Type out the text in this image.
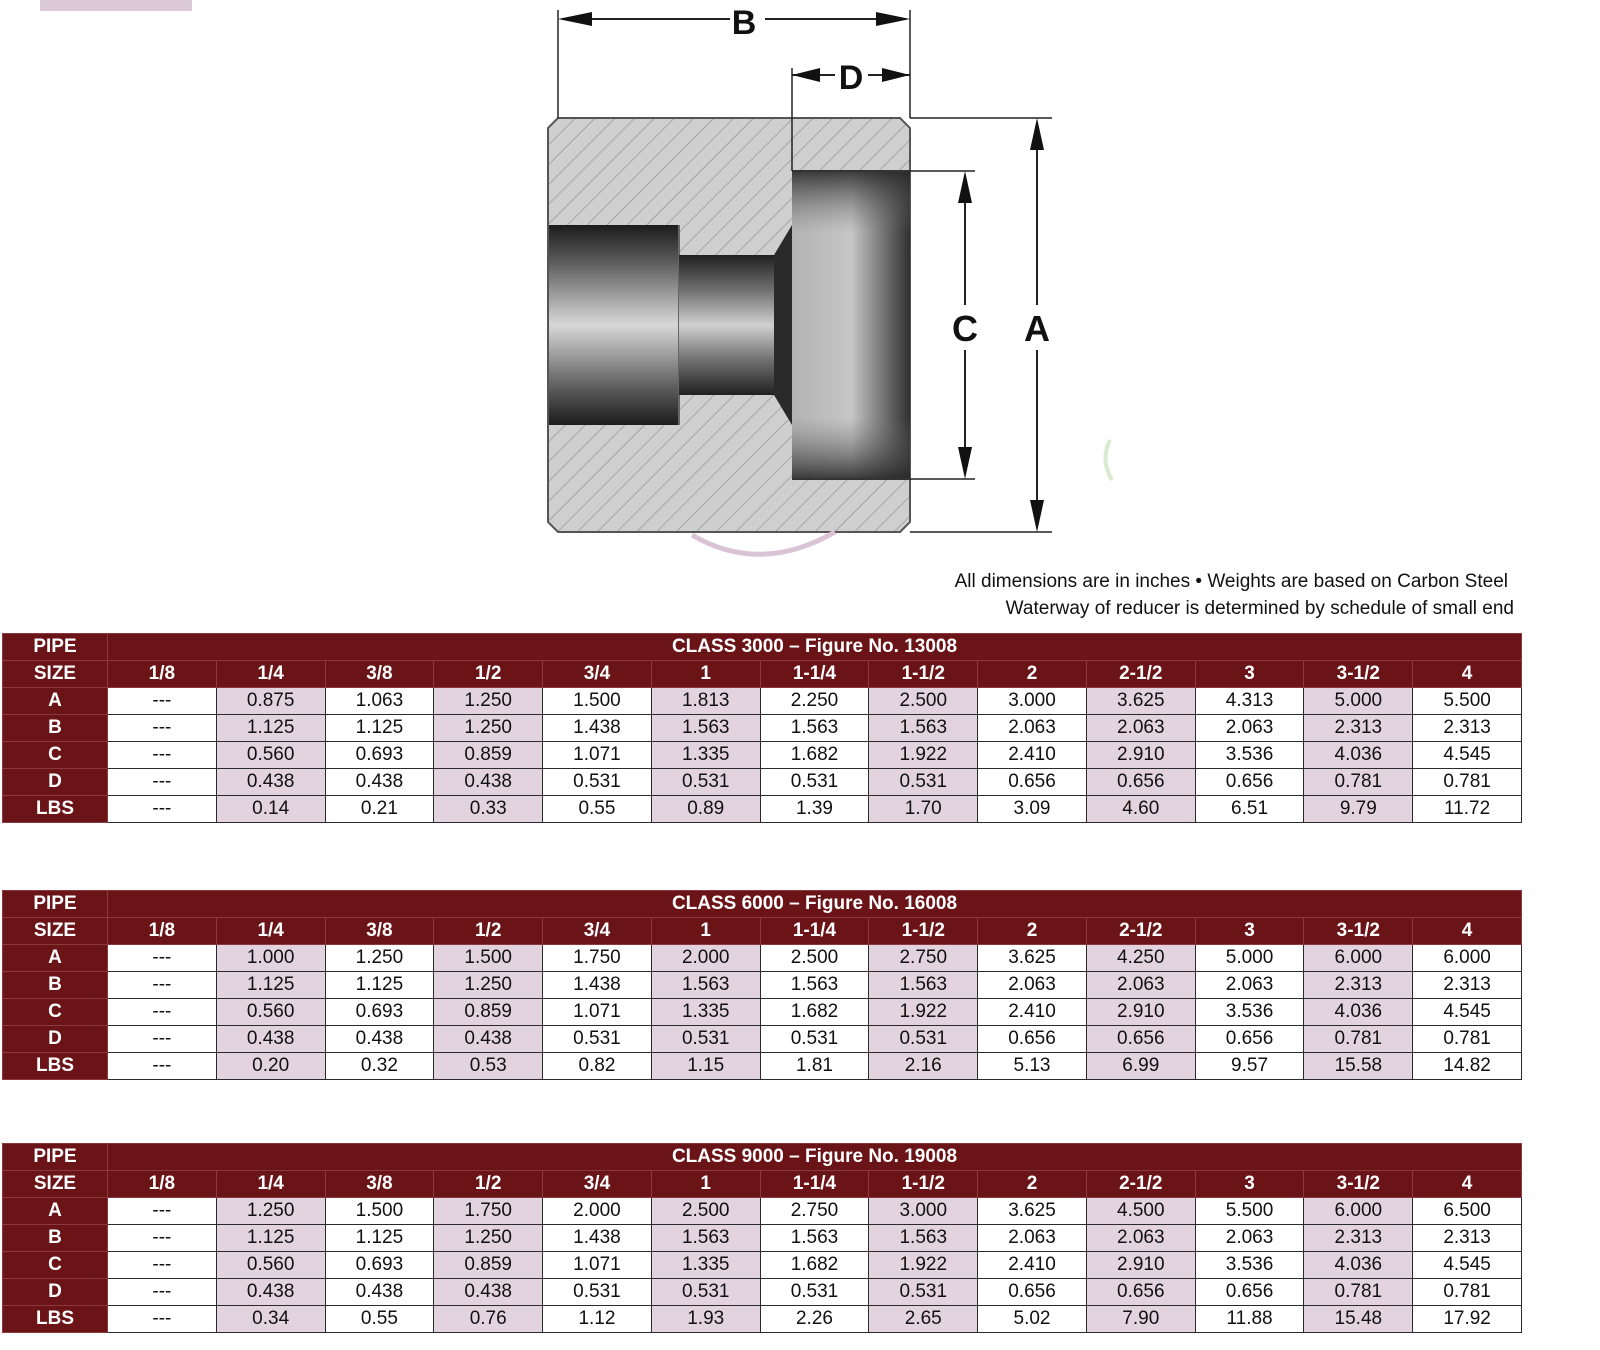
B
D
C A
All dimensions are in inches • Weights are based on Carbon Steel
Waterway of reducer is determined by schedule of small end
PIPE	CLASS 3000 – Figure No. 13008												
SIZE	1/8	1/4	3/8	1/2	3/4	1	1-1/4	1-1/2	2	2-1/2	3	3-1/2	4
A	---	0.875	1.063	1.250	1.500	1.813	2.250	2.500	3.000	3.625	4.313	5.000	5.500
B	---	1.125	1.125	1.250	1.438	1.563	1.563	1.563	2.063	2.063	2.063	2.313	2.313
C	---	0.560	0.693	0.859	1.071	1.335	1.682	1.922	2.410	2.910	3.536	4.036	4.545
D	---	0.438	0.438	0.438	0.531	0.531	0.531	0.531	0.656	0.656	0.656	0.781	0.781
LBS	---	0.14	0.21	0.33	0.55	0.89	1.39	1.70	3.09	4.60	6.51	9.79	11.72
PIPE	CLASS 6000 – Figure No. 16008												
SIZE	1/8	1/4	3/8	1/2	3/4	1	1-1/4	1-1/2	2	2-1/2	3	3-1/2	4
A	---	1.000	1.250	1.500	1.750	2.000	2.500	2.750	3.625	4.250	5.000	6.000	6.000
B	---	1.125	1.125	1.250	1.438	1.563	1.563	1.563	2.063	2.063	2.063	2.313	2.313
C	---	0.560	0.693	0.859	1.071	1.335	1.682	1.922	2.410	2.910	3.536	4.036	4.545
D	---	0.438	0.438	0.438	0.531	0.531	0.531	0.531	0.656	0.656	0.656	0.781	0.781
LBS	---	0.20	0.32	0.53	0.82	1.15	1.81	2.16	5.13	6.99	9.57	15.58	14.82
PIPE	CLASS 9000 – Figure No. 19008												
SIZE	1/8	1/4	3/8	1/2	3/4	1	1-1/4	1-1/2	2	2-1/2	3	3-1/2	4
A	---	1.250	1.500	1.750	2.000	2.500	2.750	3.000	3.625	4.500	5.500	6.000	6.500
B	---	1.125	1.125	1.250	1.438	1.563	1.563	1.563	2.063	2.063	2.063	2.313	2.313
C	---	0.560	0.693	0.859	1.071	1.335	1.682	1.922	2.410	2.910	3.536	4.036	4.545
D	---	0.438	0.438	0.438	0.531	0.531	0.531	0.531	0.656	0.656	0.656	0.781	0.781
LBS	---	0.34	0.55	0.76	1.12	1.93	2.26	2.65	5.02	7.90	11.88	15.48	17.92
